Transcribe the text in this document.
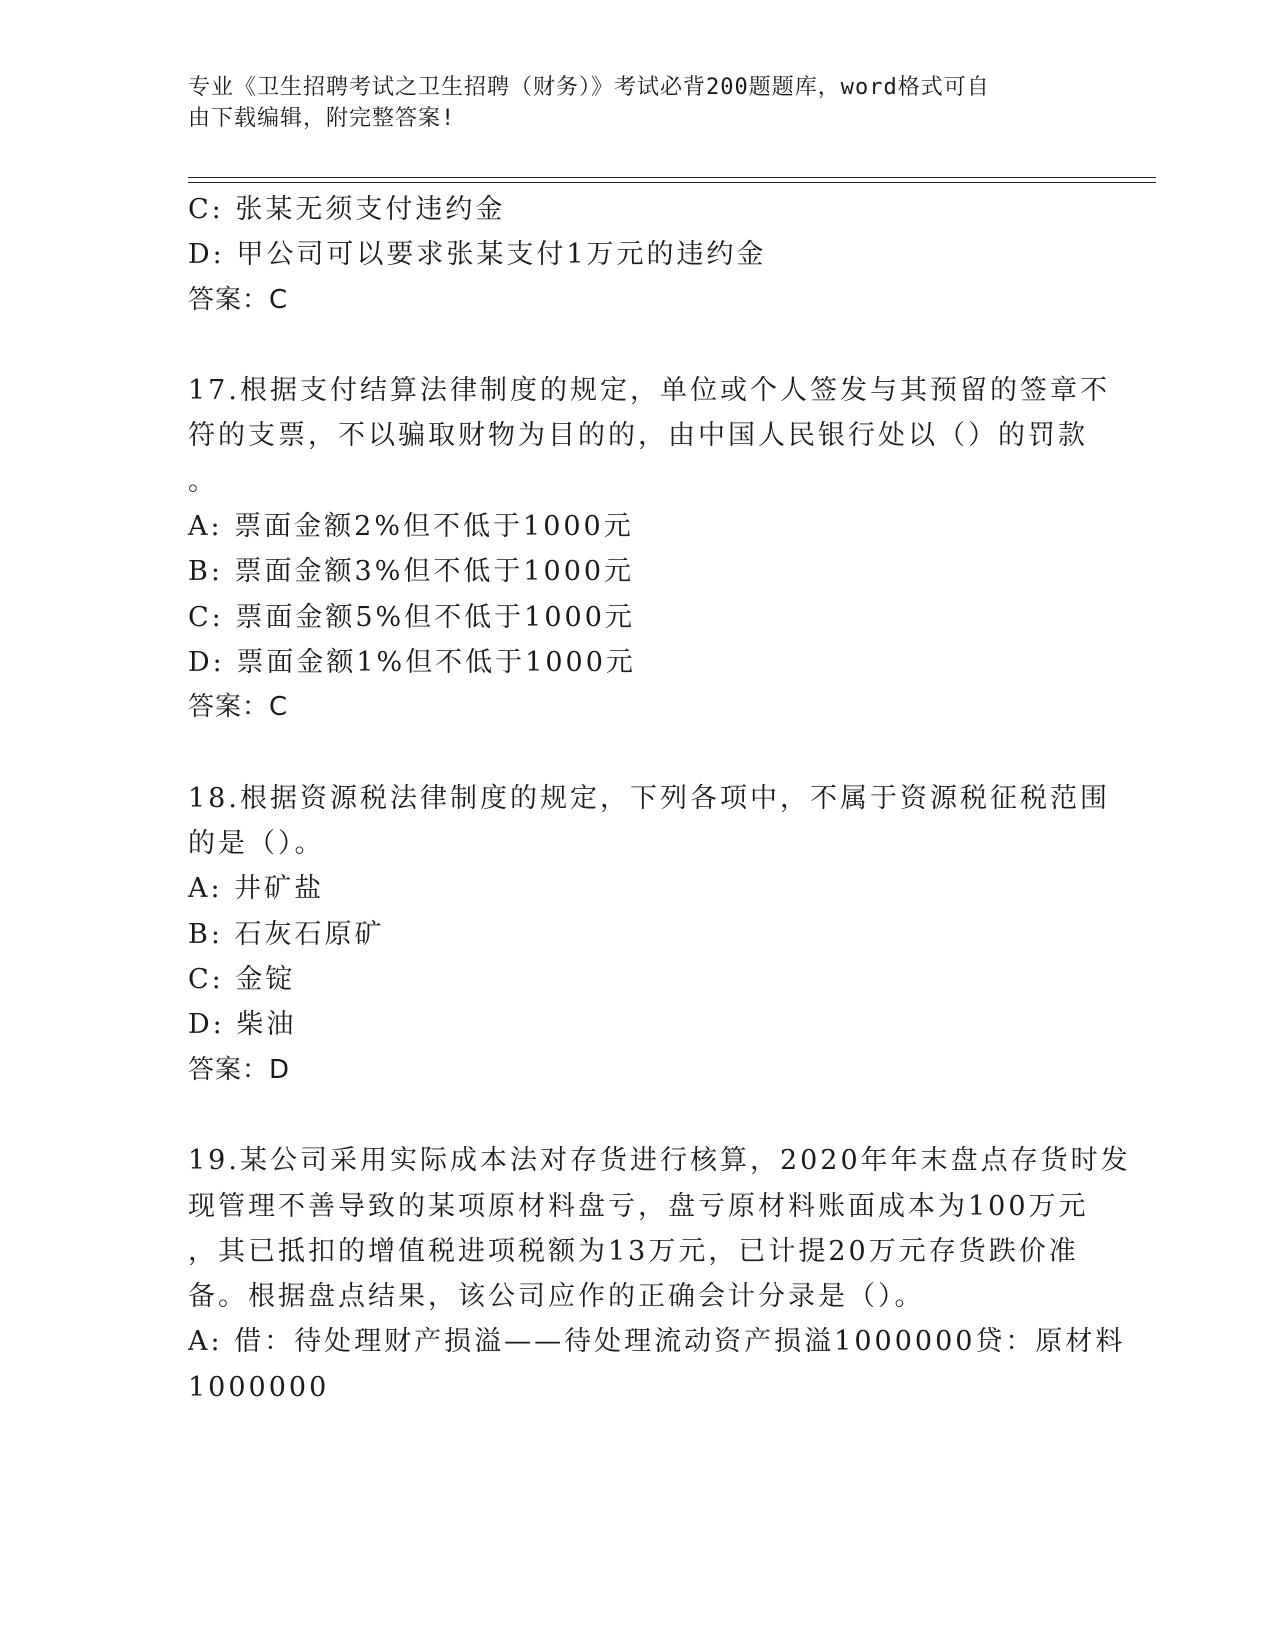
专业《卫生招聘考试之卫生招聘（财务）》考试必背200题题库，word格式可自
由下载编辑，附完整答案!
C: 张某无须支付违约金
D: 甲公司可以要求张某支付1万元的违约金
答案：C
17.根据支付结算法律制度的规定，单位或个人签发与其预留的签章不
符的支票，不以骗取财物为目的的，由中国人民银行处以（）的罚款
。
A: 票面金额2%但不低于1000元
B: 票面金额3%但不低于1000元
C: 票面金额5%但不低于1000元
D: 票面金额1%但不低于1000元
答案：C
18.根据资源税法律制度的规定，下列各项中，不属于资源税征税范围
的是（）。
A: 井矿盐
B: 石灰石原矿
C: 金锭
D: 柴油
答案：D
19.某公司采用实际成本法对存货进行核算，2020年年末盘点存货时发
现管理不善导致的某项原材料盘亏，盘亏原材料账面成本为100万元
，其已抵扣的增值税进项税额为13万元，已计提20万元存货跌价准
备。根据盘点结果，该公司应作的正确会计分录是（）。
A: 借：待处理财产损溢——待处理流动资产损溢1000000贷：原材料
1000000
